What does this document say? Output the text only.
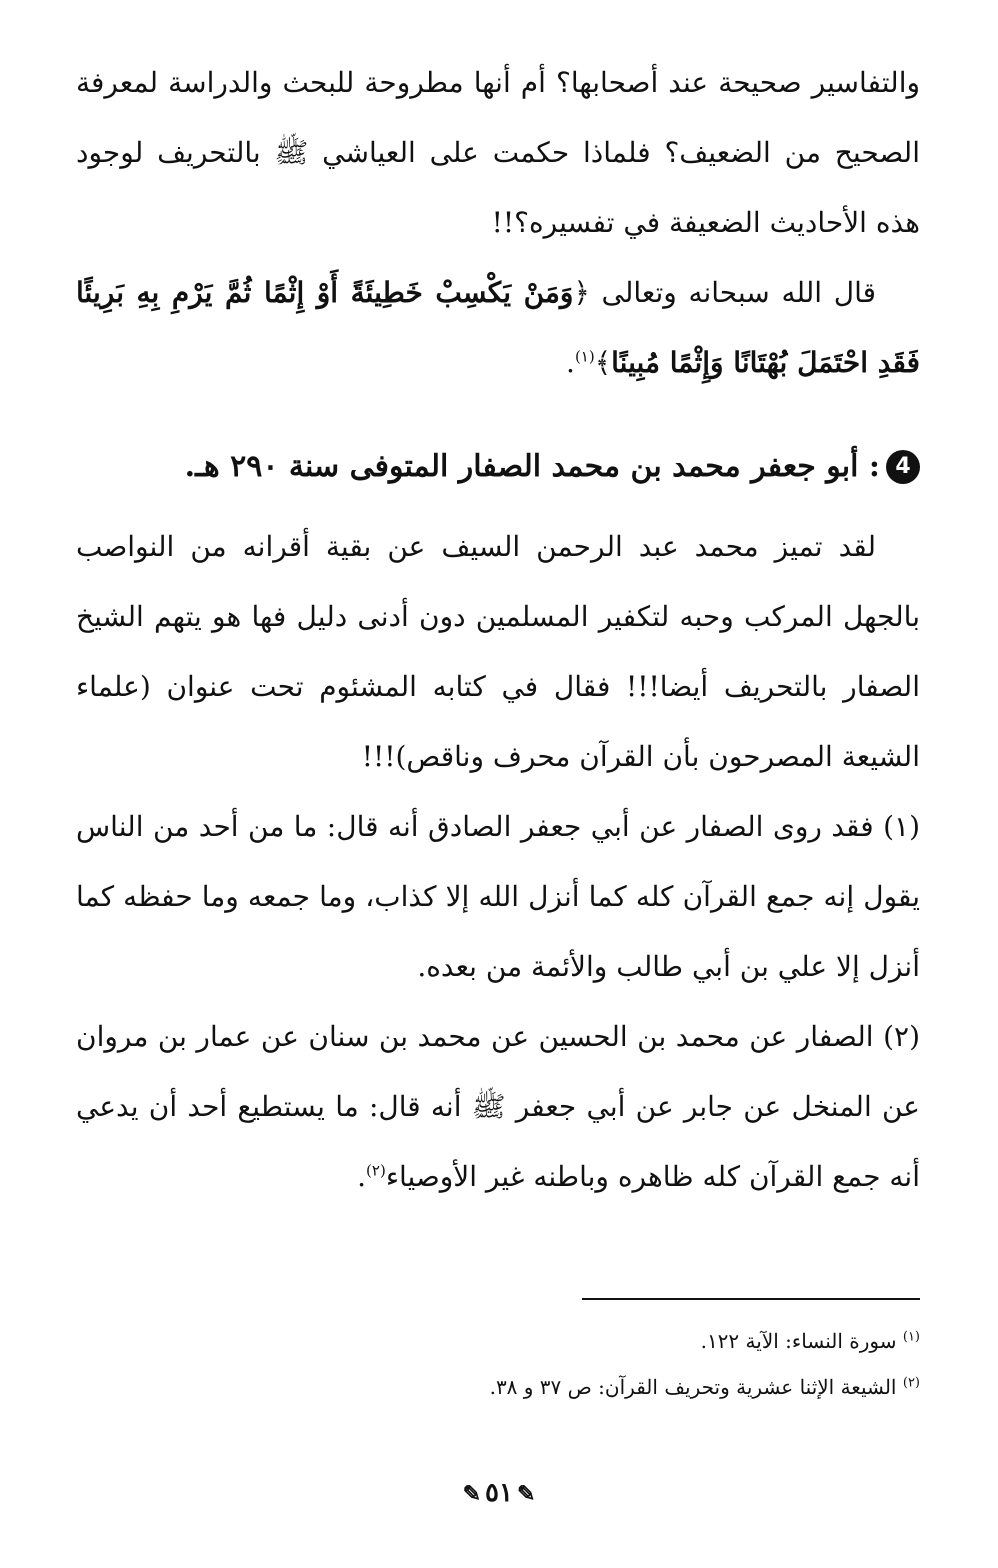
والتفاسير صحيحة عند أصحابها؟ أم أنها مطروحة للبحث والدراسة لمعرفة الصحيح من الضعيف؟ فلماذا حكمت على العياشي ﷺ بالتحريف لوجود هذه الأحاديث الضعيفة في تفسيره؟!!

قال الله سبحانه وتعالى ﴿وَمَنْ يَكْسِبْ خَطِيئَةً أَوْ إِثْمًا ثُمَّ يَرْمِ بِهِ بَرِيئًا فَقَدِ احْتَمَلَ بُهْتَانًا وَإِثْمًا مُبِينًا﴾$^{(١)}$.

4
: أبو جعفر محمد بن محمد الصفار المتوفى سنة ٢٩٠ هـ.

لقد تميز محمد عبد الرحمن السيف عن بقية أقرانه من النواصب بالجهل المركب وحبه لتكفير المسلمين دون أدنى دليل فها هو يتهم الشيخ الصفار بالتحريف أيضا!!! فقال في كتابه المشئوم تحت عنوان (علماء الشيعة المصرحون بأن القرآن محرف وناقص)!!!

(١) فقد روى الصفار عن أبي جعفر الصادق أنه قال: ما من أحد من الناس يقول إنه جمع القرآن كله كما أنزل الله إلا كذاب، وما جمعه وما حفظه كما أنزل إلا علي بن أبي طالب والأئمة من بعده.

(٢) الصفار عن محمد بن الحسين عن محمد بن سنان عن عمار بن مروان عن المنخل عن جابر عن أبي جعفر ﷺ أنه قال: ما يستطيع أحد أن يدعي أنه جمع القرآن كله ظاهره وباطنه غير الأوصياء$^{(٢)}$.

$^{(١)}$ سورة النساء: الآية ١٢٢.

$^{(٢)}$ الشيعة الإثنا عشرية وتحريف القرآن: ص ٣٧ و ٣٨.

✎٥١✎
